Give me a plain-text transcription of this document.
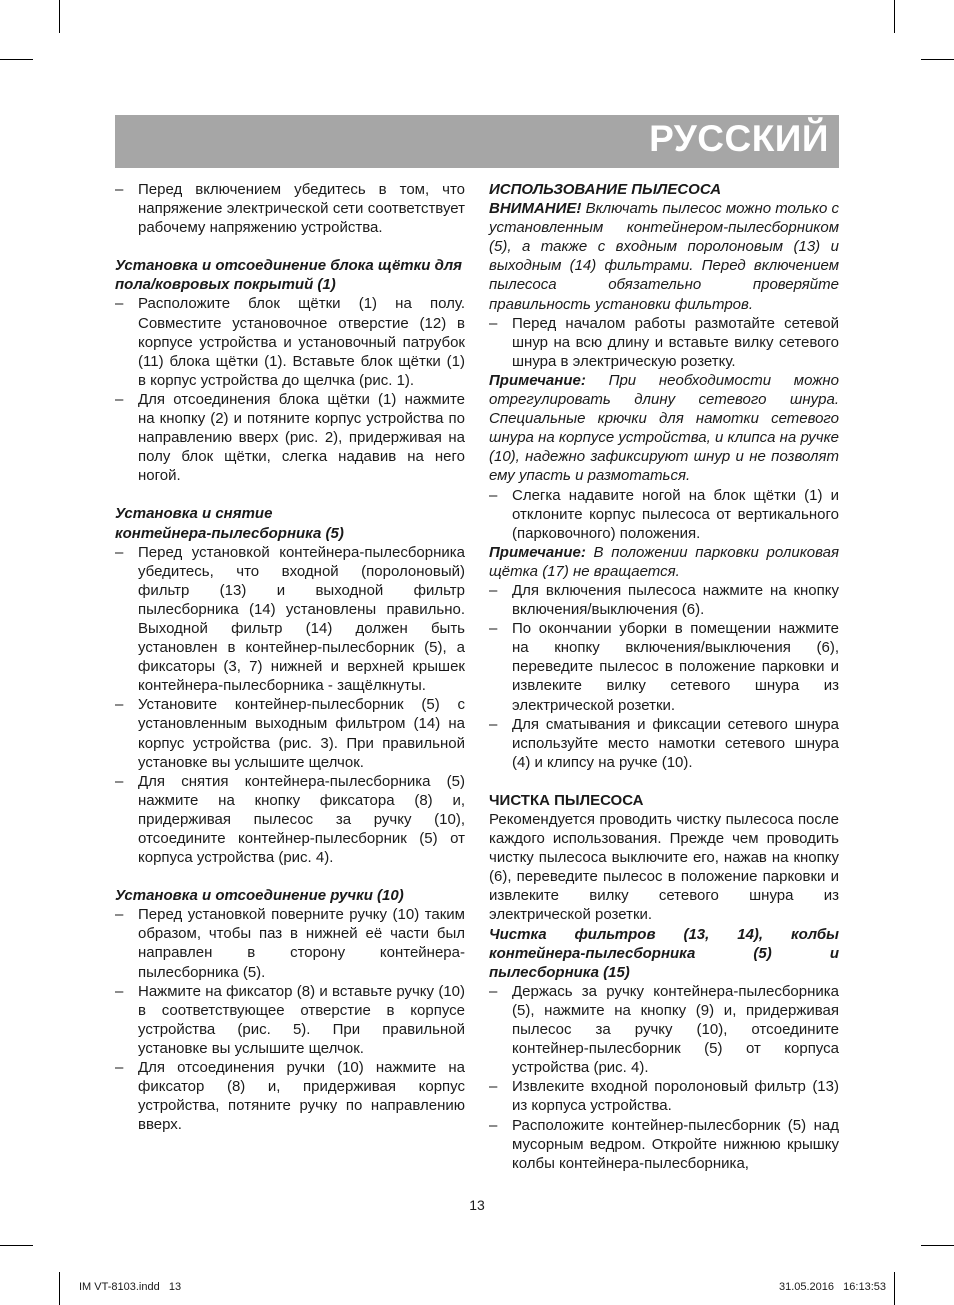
РУССКИЙ
– Перед включением убедитесь в том, что напряжение электрической сети соответствует рабочему напряжению устройства.
Установка и отсоединение блока щётки для пола/ковровых покрытий (1)
– Расположите блок щётки (1) на полу. Совместите установочное отверстие (12) в корпусе устройства и установочный патрубок (11) блока щётки (1). Вставьте блок щётки (1) в корпус устройства до щелчка (рис. 1).
– Для отсоединения блока щётки (1) нажмите на кнопку (2) и потяните корпус устройства по направлению вверх (рис. 2), придерживая на полу блок щётки, слегка надавив на него ногой.
Установка и снятие
контейнера-пылесборника (5)
– Перед установкой контейнера-пылесборника убедитесь, что входной (поролоновый) фильтр (13) и выходной фильтр пылесборника (14) установлены правильно. Выходной фильтр (14) должен быть установлен в контейнер-пылесборник (5), а фиксаторы (3, 7) нижней и верхней крышек контейнера-пылесборника - защёлкнуты.
– Установите контейнер-пылесборник (5) с установленным выходным фильтром (14) на корпус устройства (рис. 3). При правильной установке вы услышите щелчок.
– Для снятия контейнера-пылесборника (5) нажмите на кнопку фиксатора (8) и, придерживая пылесос за ручку (10), отсоедините контейнер-пылесборник (5) от корпуса устройства (рис. 4).
Установка и отсоединение ручки (10)
– Перед установкой поверните ручку (10) таким образом, чтобы паз в нижней её части был направлен в сторону контейнера-пылесборника (5).
– Нажмите на фиксатор (8) и вставьте ручку (10) в соответствующее отверстие в корпусе устройства (рис. 5). При правильной установке вы услышите щелчок.
– Для отсоединения ручки (10) нажмите на фиксатор (8) и, придерживая корпус устройства, потяните ручку по направлению вверх.
ИСПОЛЬЗОВАНИЕ ПЫЛЕСОСА
ВНИМАНИЕ! Включать пылесос можно только с установленным контейнером-пылесборником (5), а также с входным поролоновым (13) и выходным (14) фильтрами. Перед включением пылесоса обязательно проверяйте правильность установки фильтров.
– Перед началом работы размотайте сетевой шнур на всю длину и вставьте вилку сетевого шнура в электрическую розетку.
Примечание: При необходимости можно отрегулировать длину сетевого шнура. Специальные крючки для намотки сетевого шнура на корпусе устройства, и клипса на ручке (10), надежно зафиксируют шнур и не позволят ему упасть и размотаться.
– Слегка надавите ногой на блок щётки (1) и отклоните корпус пылесоса от вертикального (парковочного) положения.
Примечание: В положении парковки роликовая щётка (17) не вращается.
– Для включения пылесоса нажмите на кнопку включения/выключения (6).
– По окончании уборки в помещении нажмите на кнопку включения/выключения (6), переведите пылесос в положение парковки и извлеките вилку сетевого шнура из электрической розетки.
– Для сматывания и фиксации сетевого шнура используйте место намотки сетевого шнура (4) и клипсу на ручке (10).
ЧИСТКА ПЫЛЕСОСА
Рекомендуется проводить чистку пылесоса после каждого использования. Прежде чем проводить чистку пылесоса выключите его, нажав на кнопку (6), переведите пылесос в положение парковки и извлеките вилку сетевого шнура из электрической розетки.
Чистка фильтров (13, 14), колбы контейнера-пылесборника (5) и пылесборника (15)
– Держась за ручку контейнера-пылесборника (5), нажмите на кнопку (9) и, придерживая пылесос за ручку (10), отсоедините контейнер-пылесборник (5) от корпуса устройства (рис. 4).
– Извлеките входной поролоновый фильтр (13) из корпуса устройства.
– Расположите контейнер-пылесборник (5) над мусорным ведром. Откройте нижнюю крышку колбы контейнера-пылесборника,
13
IM VT-8103.indd   13	31.05.2016   16:13:53
